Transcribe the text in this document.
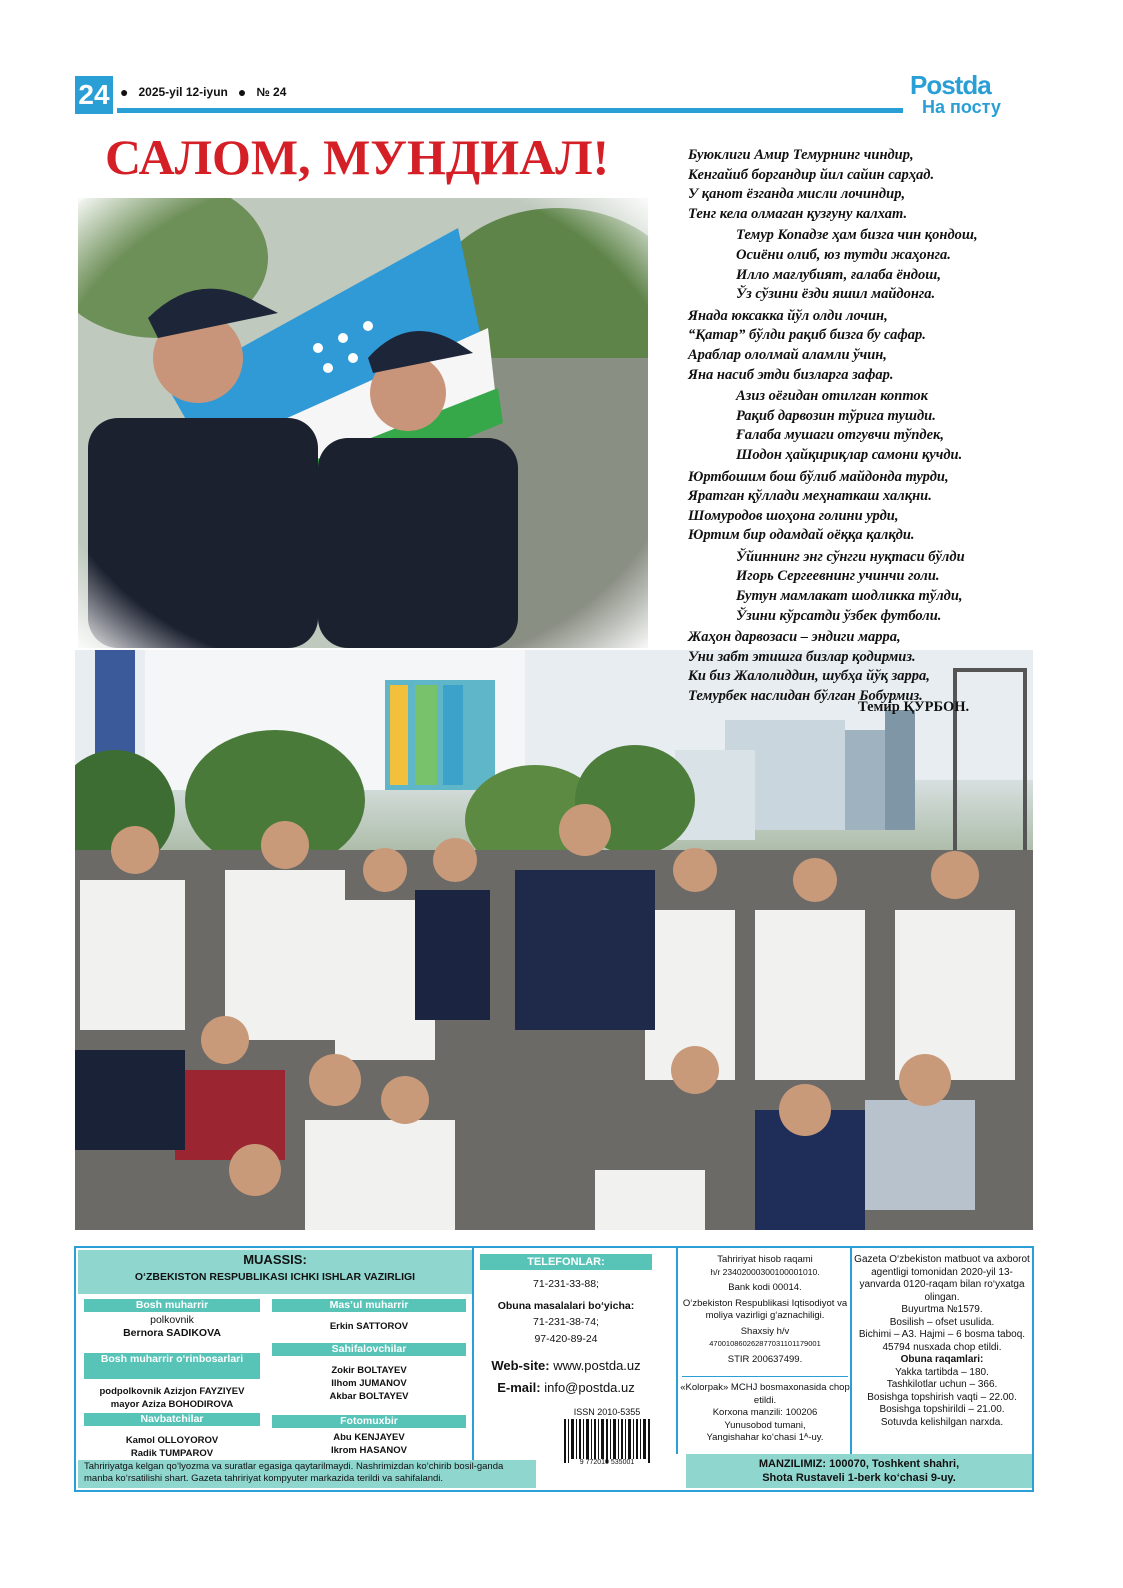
24 ● 2025-yil 12-iyun ● № 24	Postda
На посту
САЛОМ, МУНДИАЛ!	Буюклиги Амир Темурнинг чиндир,
Кенгайиб боргандир йил сайин сарҳад.
У қанот ёзганда мисли лочиндир,
Тенг кела олмаган қузғуну калхат.
Темур Копадзе ҳам бизга чин қондош,
Осиёни олиб, юз тутди жаҳонга.
Илло мағлубият, ғалаба ёндош,
Ўз сўзини ёзди яшил майдонга.
Янада юксакка йўл олди лочин,
“Қатар” бўлди рақиб бизга бу сафар.
Араблар ололмай аламли ўчин,
Яна насиб этди бизларга зафар.
Азиз оёғидан отилган копток
Рақиб дарвозин тўрига тушди.
Ғалаба мушаги отгувчи тўпдек,
Шодон ҳайқириқлар самони қучди.
Юртбошим бош бўлиб майдонда турди,
Яратган қўллади меҳнаткаш халқни.
Шомуродов шоҳона голини урди,
Юртим бир одамдай оёққа қалқди.
Ўйиннинг энг сўнгги нуқтаси бўлди
Игорь Сергеевнинг учинчи голи.
Бутун мамлакат шодликка тўлди,
Ўзини кўрсатди ўзбек футболи.
Жаҳон дарвозаси – эндиги марра,
Уни забт этишга бизлар қодирмиз.
Ки биз Жалолиддин, шубҳа йўқ зарра,
Темурбек наслидан бўлган Бобурмиз.
Темир ҚУРБОН.
MUASSIS:
O‘ZBEKISTON RESPUBLIKASI ICHKI ISHLAR VAZIRLIGI
Bosh muharrir
polkovnik
Bernora SADIKOVA
Bosh muharrir o‘rinbosarlari
podpolkovnik Azizjon FAYZIYEV
mayor Aziza BOHODIROVA
Navbatchilar
Kamol OLLOYOROV
Radik TUMPAROV
Mas’ul muharrir
Erkin SATTOROV
Sahifalovchilar
Zokir BOLTAYEV
Ilhom JUMANOV
Akbar BOLTAYEV
Fotomuxbir
Abu KENJAYEV
Ikrom HASANOV
Tahririyatga kelgan qo‘lyozma va suratlar egasiga qaytarilmaydi. Nashrimizdan ko‘chirib bosil-ganda manba ko‘rsatilishi shart. Gazeta tahririyat kompyuter markazida terildi va sahifalandi.
TELEFONLAR:
71-231-33-88;
Obuna masalalari bo‘yicha:
71-231-38-74;
97-420-89-24
Web-site: www.postda.uz
E-mail: info@postda.uz
ISSN 2010-5355
9 772010 535001
Tahririyat hisob raqami
h/r 23402000300100001010.
Bank kodi 00014.
O‘zbekiston Respublikasi Iqtisodiyot va moliya vazirligi g‘aznachiligi.
Shaxsiy h/v
470010860262877031101179001
STIR 200637499.
«Kolorpak» MCHJ bosmaxonasida chop etildi.
Korxona manzili: 100206
Yunusobod tumani,
Yangishahar ko‘chasi 1ᴬ-uy.
Gazeta O‘zbekiston matbuot va axborot agentligi tomonidan 2020-yil 13-yanvarda 0120-raqam bilan ro‘yxatga olingan.
Buyurtma №1579.
Bosilish – ofset usulida.
Bichimi – A3. Hajmi – 6 bosma taboq. 45794 nusxada chop etildi.
Obuna raqamlari:
Yakka tartibda – 180.
Tashkilotlar uchun – 366.
Bosishga topshirish vaqti – 22.00.
Bosishga topshirildi – 21.00.
Sotuvda kelishilgan narxda.
MANZILIMIZ: 100070, Toshkent shahri,
Shota Rustaveli 1-berk ko‘chasi 9-uy.
